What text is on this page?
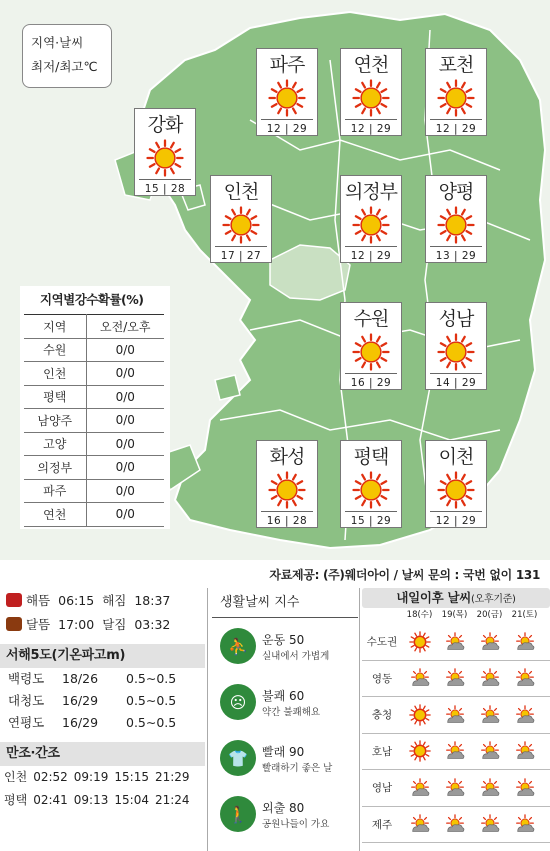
지역·날씨
최저/최고℃	파주
12 | 29
연천
12 | 29
포천
12 | 29
강화
15 | 28	인천
17 | 27
의정부
12 | 29
양평
13 | 29
수원
16 | 29
성남
14 | 29
화성
16 | 28
평택
15 | 29
이천
12 | 29
지역별강수확률(%)
지역	오전/오후
수원	0/0
인천	0/0
평택	0/0
남양주	0/0
고양	0/0
의정부	0/0
파주	0/0
연천	0/0
자료제공: (주)웨더아이 / 날씨 문의 : 국번 없이 131
해뜸 06:15 해짐 18:37
달뜸 17:00 달짐 03:32
서해5도(기온파고m)
백령도	18/26	0.5∼0.5
대청도	16/29	0.5∼0.5
연평도	16/29	0.5∼0.5
만조·간조
인천 02:52 09:19 15:15 21:29
평택 02:41 09:13 15:04 21:24
생활날씨 지수
⛹	운동 50
실내에서 가볍게
☹	불쾌 60
약간 불쾌해요
👕	빨래 90
빨래하기 좋은 날
🚶	외출 80
공원나들이 가요
내일이후 날씨(오후기준)
18(수)	19(목)	20(금)	21(토)
수도권
영동
충청
호남
영남
제주
